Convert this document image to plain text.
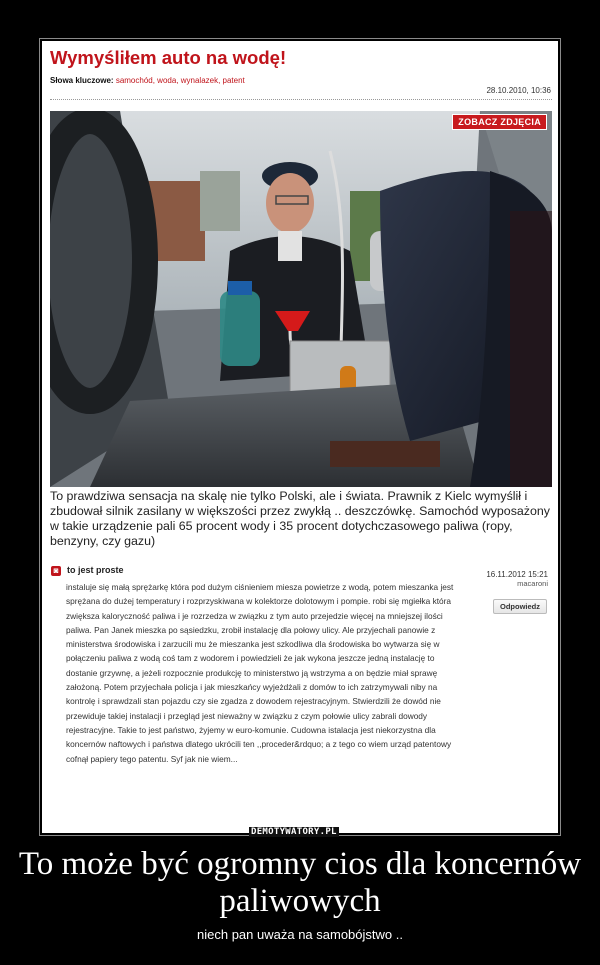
Wymyśliłem auto na wodę!
Słowa kluczowe: samochód, woda, wynalazek, patent
28.10.2010, 10:36
ZOBACZ ZDJĘCIA
To prawdziwa sensacja na skalę nie tylko Polski, ale i świata. Prawnik z Kielc wymyślił i zbudował silnik zasilany w większości przez zwykłą .. deszczówkę. Samochód wyposażony w takie urządzenie pali 65 procent wody i 35 procent dotychczasowego paliwa (ropy, benzyny, czy gazu)
◙ to jest proste	16.11.2012 15:21
macaroni
Odpowiedz
instaluje się małą sprężarkę która pod dużym ciśnieniem miesza powietrze z wodą, potem mieszanka jest sprężana do dużej temperatury i rozprzyskiwana w kolektorze dolotowym i pompie. robi się mgiełka która zwiększa kaloryczność paliwa i je rozrzedza w związku z tym auto przejedzie więcej na mniejszej ilości paliwa. Pan Janek mieszka po sąsiedzku, zrobił instalację dla połowy ulicy. Ale przyjechali panowie z ministerstwa środowiska i zarzucili mu że mieszanka jest szkodliwa dla środowiska bo wytwarza się w połączeniu paliwa z wodą coś tam z wodorem i powiedzieli że jak wykona jeszcze jedną instalację to dostanie grzywnę, a jeżeli rozpocznie produkcję to ministerstwo ją wstrzyma a on będzie miał sprawę założoną. Potem przyjechała policja i jak mieszkańcy wyjeżdżali z domów to ich zatrzymywali niby na kontrolę i sprawdzali stan pojazdu czy sie zgadza z dowodem rejestracyjnym. Stwierdzili że dowód nie przewiduje takiej instalacji i przegląd jest nieważny w związku z czym połowie ulicy zabrali dowody rejestracyjne. Takie to jest państwo, żyjemy w euro-komunie. Cudowna istalacja jest niekorzystna dla koncernów naftowych i państwa dlatego ukrócili ten ,,proceder&rdquo; a z tego co wiem urząd patentowy cofnął papiery tego patentu. Syf jak nie wiem...
DEMOTYWATORY.PL
To może być ogromny cios dla koncernów paliwowych
niech pan uważa na samobójstwo ..
